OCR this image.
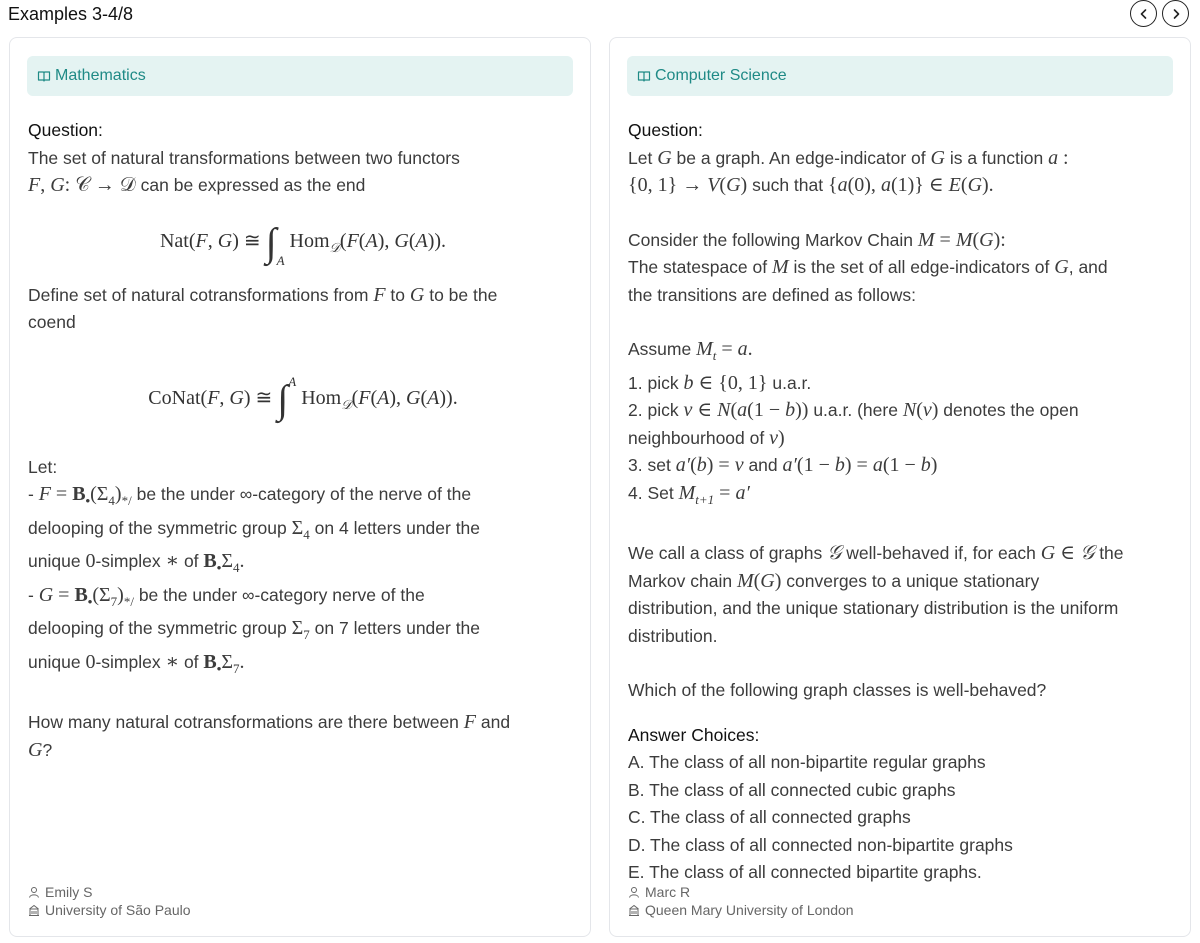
Examples 3-4/8
Mathematics

Question:

The set of natural transformations between two functors

F, G: 𝒞 → 𝒟 can be expressed as the end

Nat(F, G) ≅ $\int_A$ Hom$_𝒟$(F(A), G(A)).

Define set of natural cotransformations from F to G to be the

coend

CoNat(F, G) ≅ ∫$^A$ Hom$_𝒟$(F(A), G(A)).

Let:

- $F = B_•(\Sigma_4)_{*/}$ be the under ∞-category of the nerve of the

delooping of the symmetric group $\Sigma_4$ on 4 letters under the

unique 0-simplex ∗ of $B_•\Sigma_4$.

- $G = B_•(\Sigma_7)_{*/}$ be the under ∞-category nerve of the

delooping of the symmetric group $\Sigma_7$ on 7 letters under the

unique 0-simplex ∗ of $B_•\Sigma_7$.

How many natural cotransformations are there between F and

G?

Emily S
University of São Paulo
Computer Science

Question:

Let G be a graph. An edge-indicator of G is a function a :

{0, 1} → V(G) such that {a(0), a(1)} ∈ E(G).

Consider the following Markov Chain M = M(G):

The statespace of M is the set of all edge-indicators of G, and

the transitions are defined as follows:

Assume $M_t = a$.

1. pick b ∈ {0, 1} u.a.r.

2. pick v ∈ N(a(1 − b)) u.a.r. (here N(v) denotes the open

neighbourhood of v)

3. set a′(b) = v and a′(1 − b) = a(1 − b)

4. Set $M_{t+1} = a'$

We call a class of graphs 𝒢 well-behaved if, for each G ∈ 𝒢 the

Markov chain M(G) converges to a unique stationary

distribution, and the unique stationary distribution is the uniform

distribution.

Which of the following graph classes is well-behaved?

Answer Choices:

A. The class of all non-bipartite regular graphs

B. The class of all connected cubic graphs

C. The class of all connected graphs

D. The class of all connected non-bipartite graphs

E. The class of all connected bipartite graphs.

Marc R
Queen Mary University of London
